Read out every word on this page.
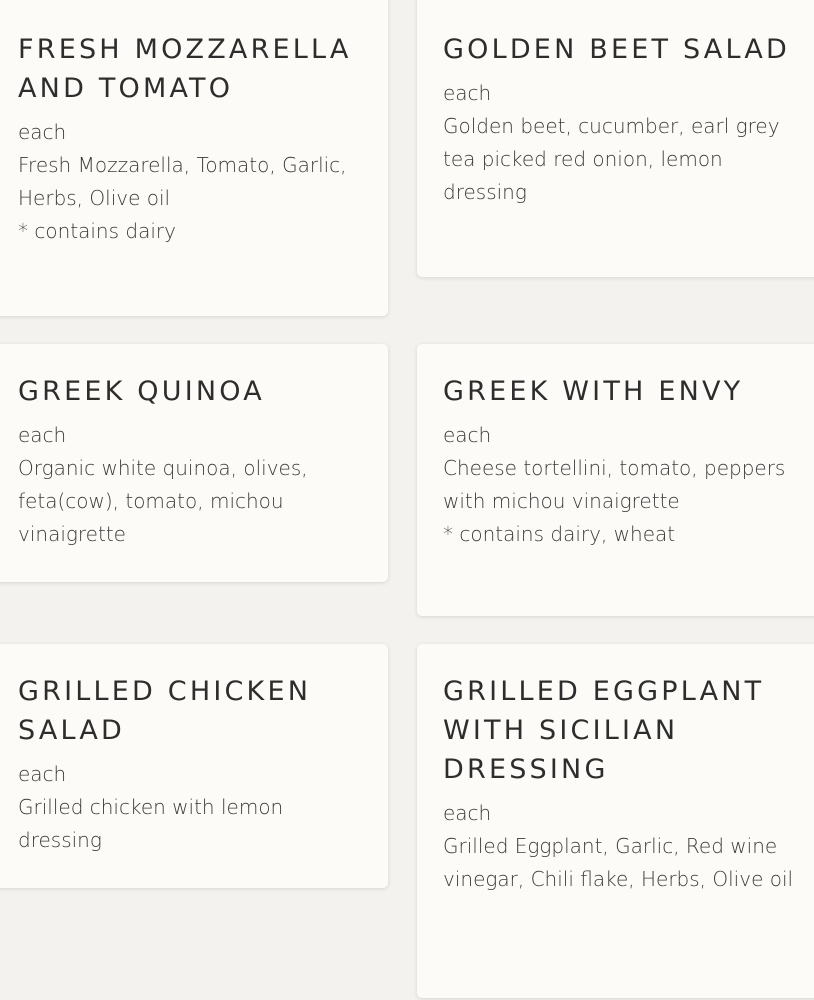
FRESH MOZZARELLA AND TOMATO

each

Fresh Mozzarella, Tomato, Garlic, Herbs, Olive oil

* contains dairy

GOLDEN BEET SALAD

each

Golden beet, cucumber, earl grey tea picked red onion, lemon dressing

GREEK QUINOA

each

Organic white quinoa, olives, feta(cow), tomato, michou vinaigrette

GREEK WITH ENVY

each

Cheese tortellini, tomato, peppers with michou vinaigrette

* contains dairy, wheat

GRILLED CHICKEN SALAD

each

Grilled chicken with lemon dressing

GRILLED EGGPLANT WITH SICILIAN DRESSING

each

Grilled Eggplant, Garlic, Red wine vinegar, Chili flake, Herbs, Olive oil
